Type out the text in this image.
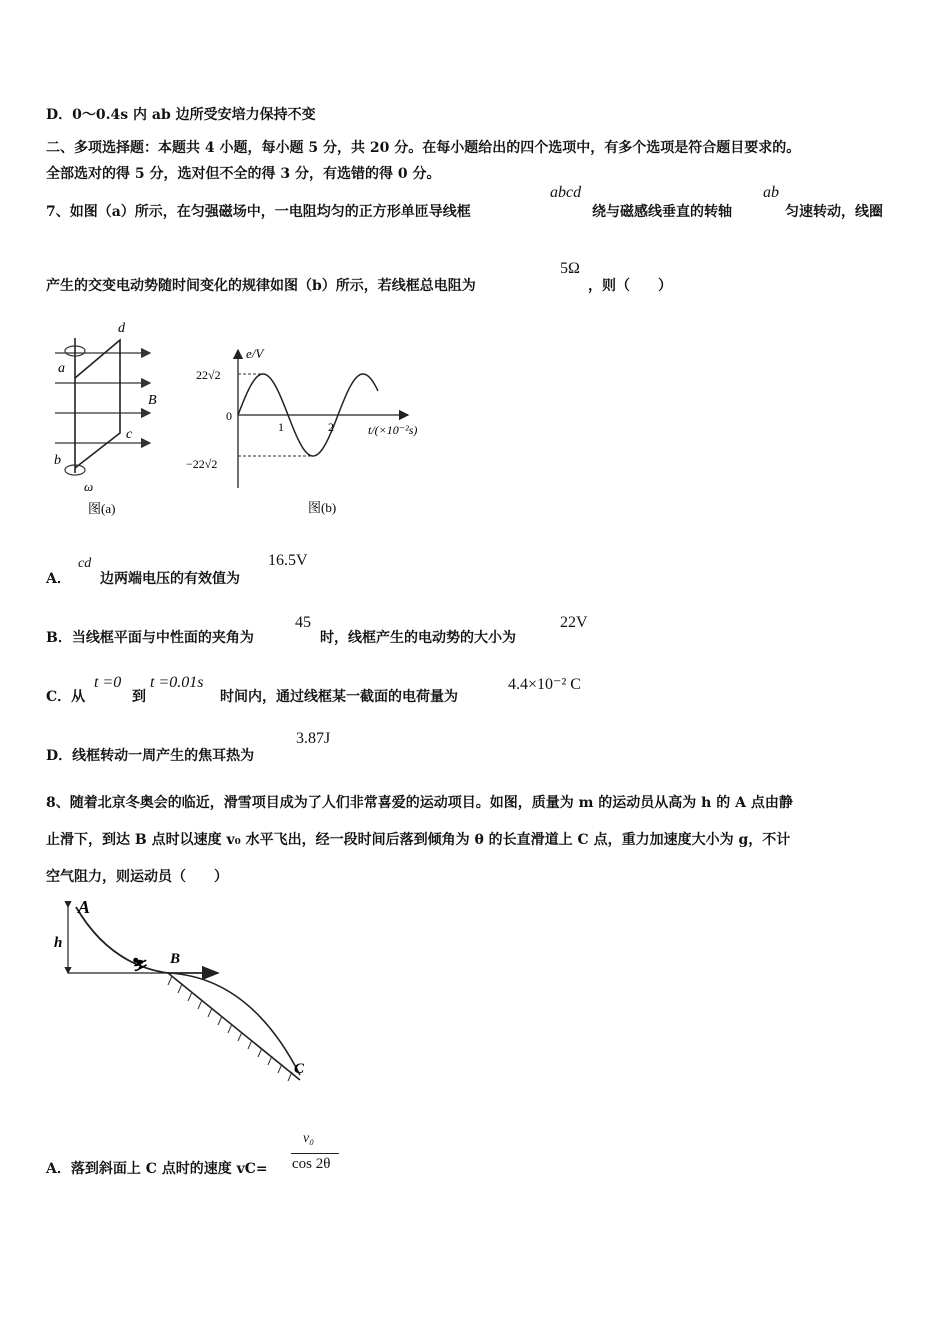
D．0～0.4s 内 ab 边所受安培力保持不变
二、多项选择题：本题共 4 小题，每小题 5 分，共 20 分。在每小题给出的四个选项中，有多个选项是符合题目要求的。
全部选对的得 5 分，选对但不全的得 3 分，有选错的得 0 分。
7、如图（a）所示，在匀强磁场中，一电阻均匀的正方形单匝导线框
abcd
绕与磁感线垂直的转轴
ab
匀速转动，线圈
产生的交变电动势随时间变化的规律如图（b）所示，若线框总电阻为
5Ω
，则（　　）
d
a
B
c
b
ω
图(a)
e/V
22√2
0
−22√2
1	2	t/(×10⁻²s)
图(b)
A．
cd
边两端电压的有效值为
16.5V
B．当线框平面与中性面的夹角为
45
时，线框产生的电动势的大小为
22V
C．从
t =0
到
t =0.01s
时间内，通过线框某一截面的电荷量为
4.4×10⁻² C
D．线框转动一周产生的焦耳热为
3.87J
8、随着北京冬奥会的临近，滑雪项目成为了人们非常喜爱的运动项目。如图，质量为 m 的运动员从高为 h 的 A 点由静
止滑下，到达 B 点时以速度 v₀ 水平飞出，经一段时间后落到倾角为 θ 的长直滑道上 C 点，重力加速度大小为 g，不计
空气阻力，则运动员（　　）
⛷
A
h
B
C
A．落到斜面上 C 点时的速度 vC=
v₀
cos 2θ
